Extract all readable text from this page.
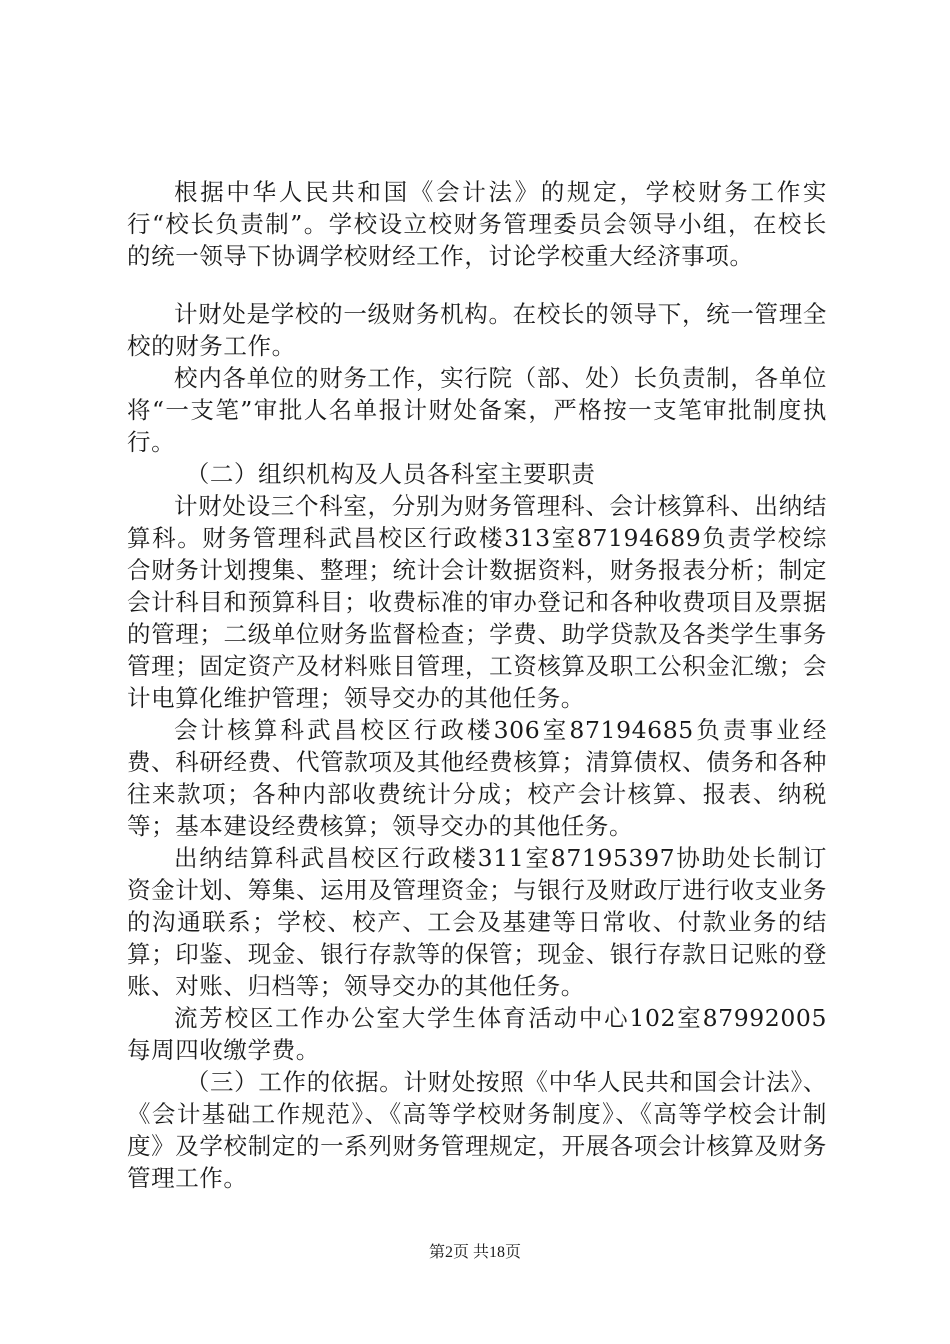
根据中华人民共和国《会计法》的规定，学校财务工作实行“校长负责制”。学校设立校财务管理委员会领导小组，在校长的统一领导下协调学校财经工作，讨论学校重大经济事项。

计财处是学校的一级财务机构。在校长的领导下，统一管理全校的财务工作。

校内各单位的财务工作，实行院（部、处）长负责制，各单位将“一支笔”审批人名单报计财处备案，严格按一支笔审批制度执行。

（二）组织机构及人员各科室主要职责

计财处设三个科室，分别为财务管理科、会计核算科、出纳结算科。财务管理科武昌校区行政楼313室87194689负责学校综合财务计划搜集、整理；统计会计数据资料，财务报表分析；制定会计科目和预算科目；收费标准的审办登记和各种收费项目及票据的管理；二级单位财务监督检查；学费、助学贷款及各类学生事务管理；固定资产及材料账目管理，工资核算及职工公积金汇缴；会计电算化维护管理；领导交办的其他任务。

会计核算科武昌校区行政楼306室87194685负责事业经费、科研经费、代管款项及其他经费核算；清算债权、债务和各种往来款项；各种内部收费统计分成；校产会计核算、报表、纳税等；基本建设经费核算；领导交办的其他任务。

出纳结算科武昌校区行政楼311室87195397协助处长制订资金计划、筹集、运用及管理资金；与银行及财政厅进行收支业务的沟通联系；学校、校产、工会及基建等日常收、付款业务的结算；印鉴、现金、银行存款等的保管；现金、银行存款日记账的登账、对账、归档等；领导交办的其他任务。

流芳校区工作办公室大学生体育活动中心102室87992005每周四收缴学费。

（三）工作的依据。计财处按照《中华人民共和国会计法》、《会计基础工作规范》、《高等学校财务制度》、《高等学校会计制度》及学校制定的一系列财务管理规定，开展各项会计核算及财务管理工作。

第2页 共18页
